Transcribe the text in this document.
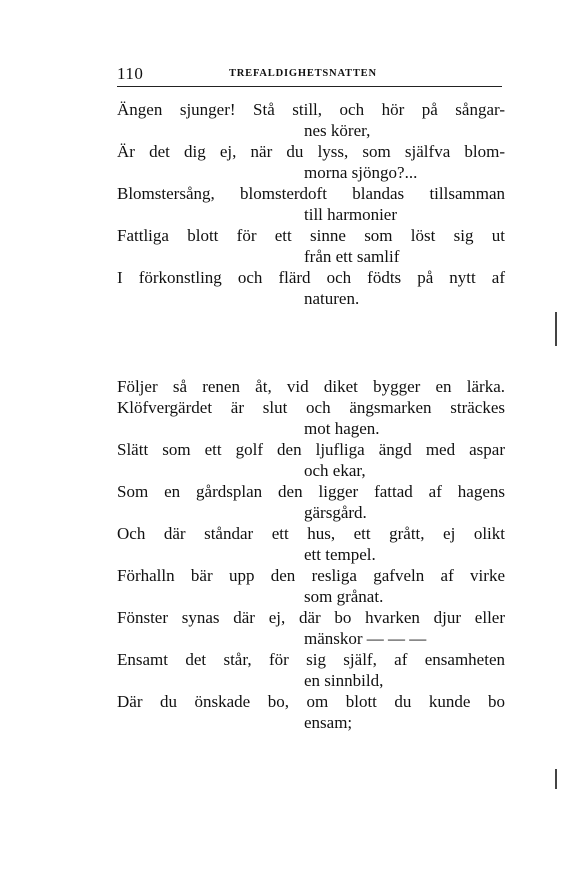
110	TREFALDIGHETSNATTEN
Ängen sjunger! Stå still, och hör på sångar-
nes körer,
Är det dig ej, när du lyss, som själfva blom-
morna sjöngo?...
Blomstersång, blomsterdoft blandas tillsamman
till harmonier
Fattliga blott för ett sinne som löst sig ut
från ett samlif
I förkonstling och flärd och födts på nytt af
naturen.
Följer så renen åt, vid diket bygger en lärka.
Klöfvergärdet är slut och ängsmarken sträckes
mot hagen.
Slätt som ett golf den ljufliga ängd med aspar
och ekar,
Som en gårdsplan den ligger fattad af hagens
gärsgård.
Och där ståndar ett hus, ett grått, ej olikt
ett tempel.
Förhalln bär upp den resliga gafveln af virke
som grånat.
Fönster synas där ej, där bo hvarken djur eller
mänskor — — —
Ensamt det står, för sig själf, af ensamheten
en sinnbild,
Där du önskade bo, om blott du kunde bo
ensam;
